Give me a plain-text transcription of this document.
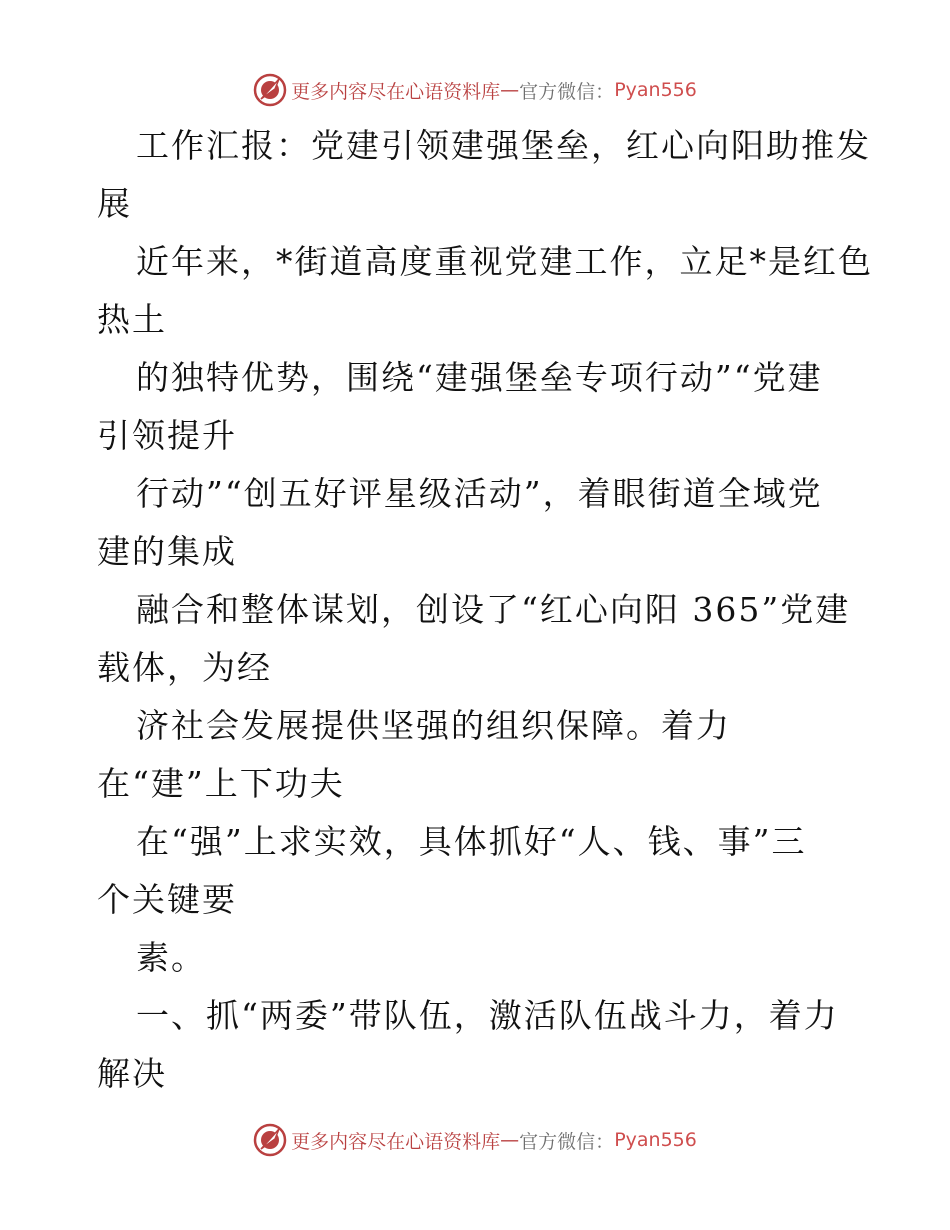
更多内容尽在心语资料库 — 官方微信： Pyan556
工作汇报：党建引领建强堡垒，红心向阳助推发
展
近年来，*街道高度重视党建工作，立足*是红色
热土
的独特优势，围绕“建强堡垒专项行动”“党建
引领提升
行动”“创五好评星级活动”，着眼街道全域党
建的集成
融合和整体谋划，创设了“红心向阳 365”党建
载体，为经
济社会发展提供坚强的组织保障。着力
在“建”上下功夫
在“强”上求实效，具体抓好“人、钱、事”三
个关键要
素。
一、抓“两委”带队伍，激活队伍战斗力，着力
解决
更多内容尽在心语资料库 — 官方微信： Pyan556
